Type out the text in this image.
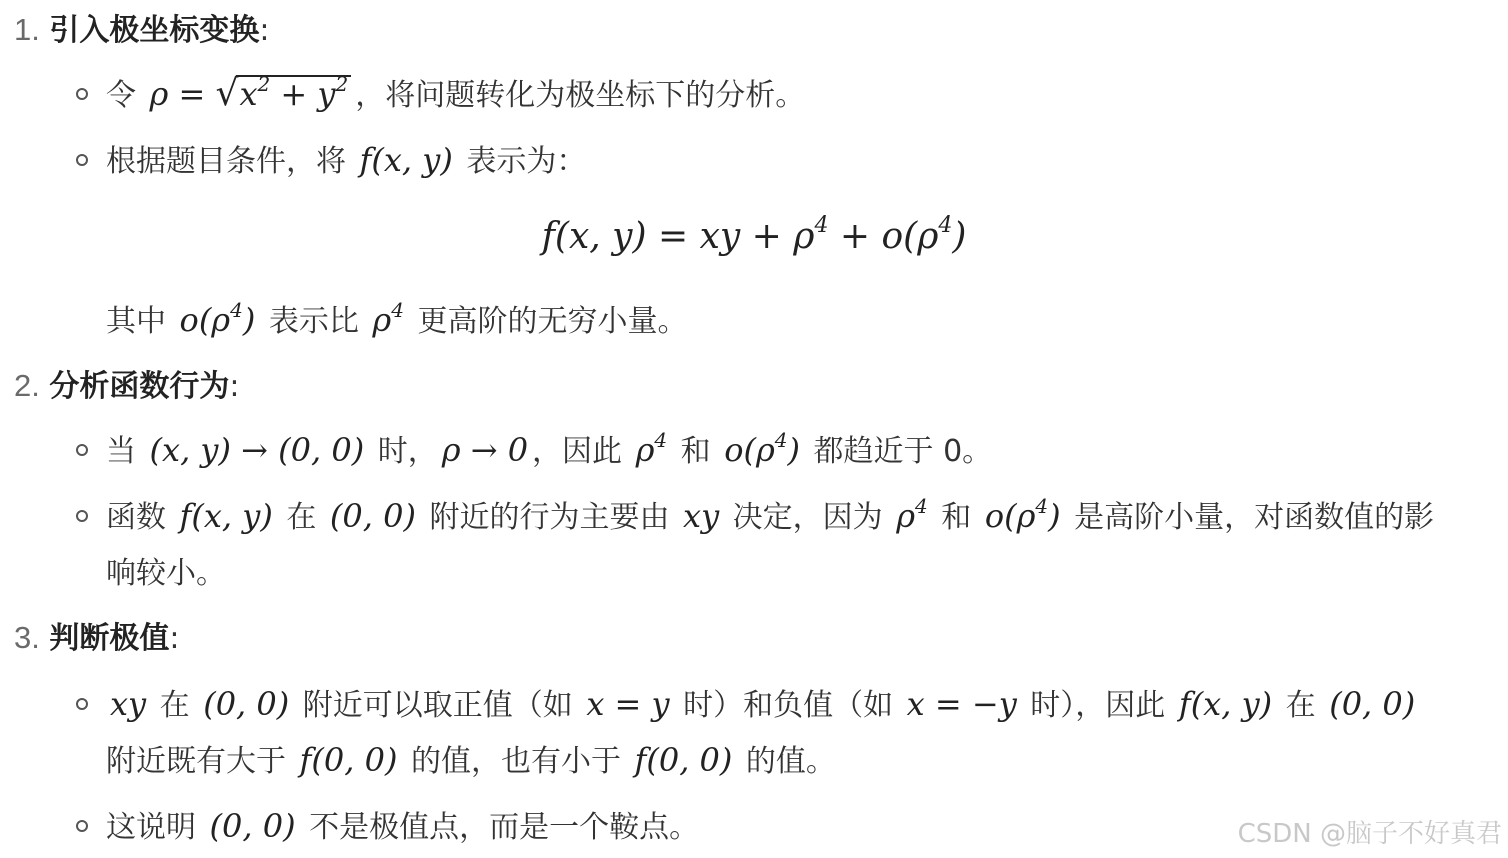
1. 引入极坐标变换:
令 $\rho = √x^2 + y^2$ ，将问题转化为极坐标下的分析。
根据题目条件，将 f(x, y) 表示为：
f(x, y) = xy + $\rho^4 + o(\rho^4)$
其中 $o(\rho^4)$ 表示比 $\rho^4$ 更高阶的无穷小量。
2. 分析函数行为:
当 (x, y) → (0, 0) 时， ρ → 0 ，因此 $\rho^4$ 和 $o(\rho^4)$ 都趋近于 0。
函数 f(x, y) 在 (0, 0) 附近的行为主要由 xy 决定，因为 $\rho^4$ 和 $o(\rho^4)$ 是高阶小量，对函数值的影
响较小。
3. 判断极值:
xy 在 (0, 0) 附近可以取正值（如 x = y 时）和负值（如 x = −y 时），因此 f(x, y) 在 (0, 0)
附近既有大于 f(0, 0) 的值，也有小于 f(0, 0) 的值。
这说明 (0, 0) 不是极值点，而是一个鞍点。	CSDN @脑子不好真君
